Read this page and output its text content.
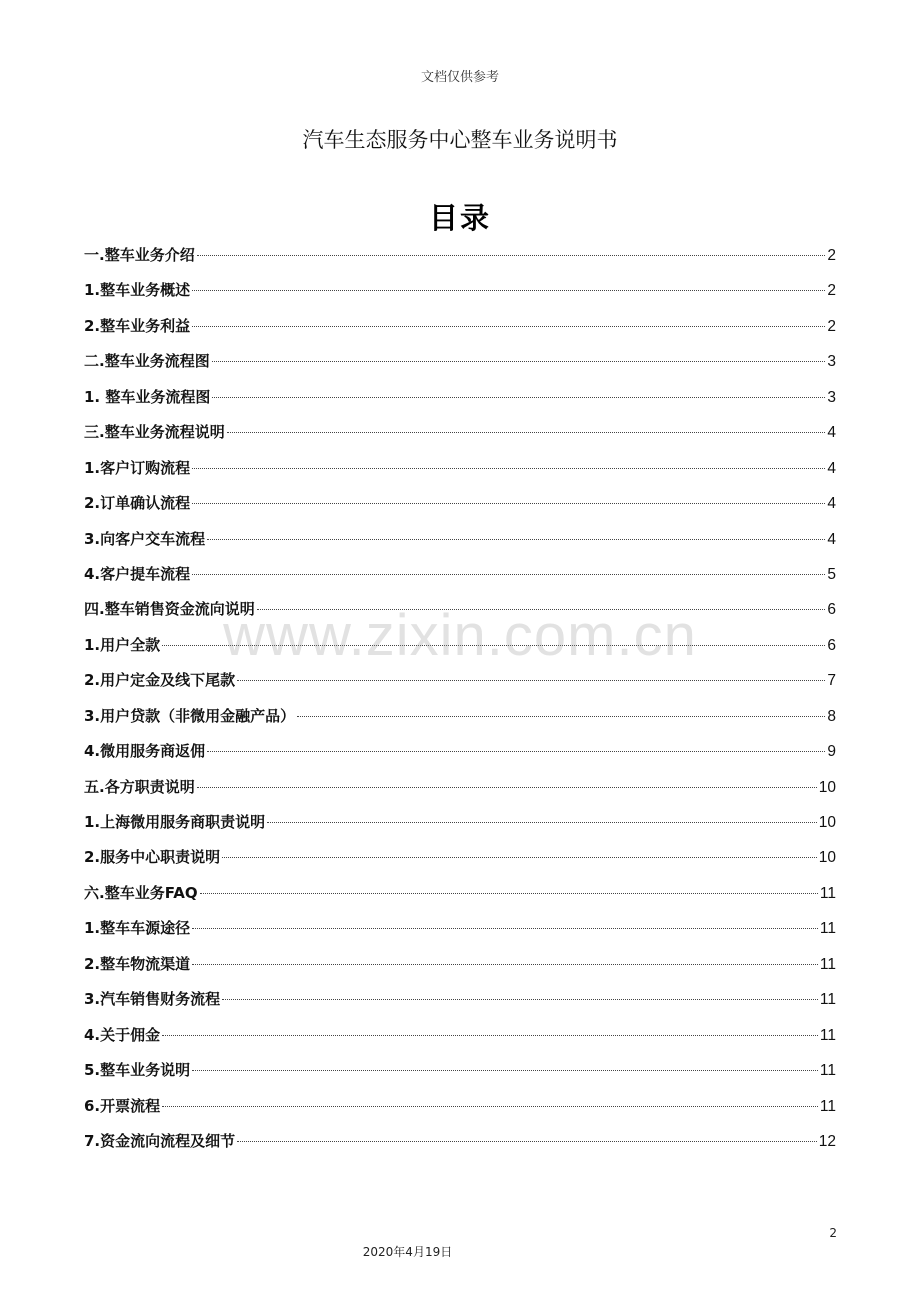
文档仅供参考
汽车生态服务中心整车业务说明书
目录
一.整车业务介绍	2
1.整车业务概述	2
2.整车业务利益	2
二.整车业务流程图	3
1. 整车业务流程图	3
三.整车业务流程说明	4
1.客户订购流程	4
2.订单确认流程	4
3.向客户交车流程	4
4.客户提车流程	5
四.整车销售资金流向说明	6
1.用户全款	6
2.用户定金及线下尾款	7
3.用户贷款（非微用金融产品）	8
4.微用服务商返佣	9
五.各方职责说明	10
1.上海微用服务商职责说明	10
2.服务中心职责说明	10
六.整车业务FAQ	11
1.整车车源途径	11
2.整车物流渠道	11
3.汽车销售财务流程	11
4.关于佣金	11
5.整车业务说明	11
6.开票流程	11
7.资金流向流程及细节	12
www.zixin.com.cn
2
2020年4月19日
